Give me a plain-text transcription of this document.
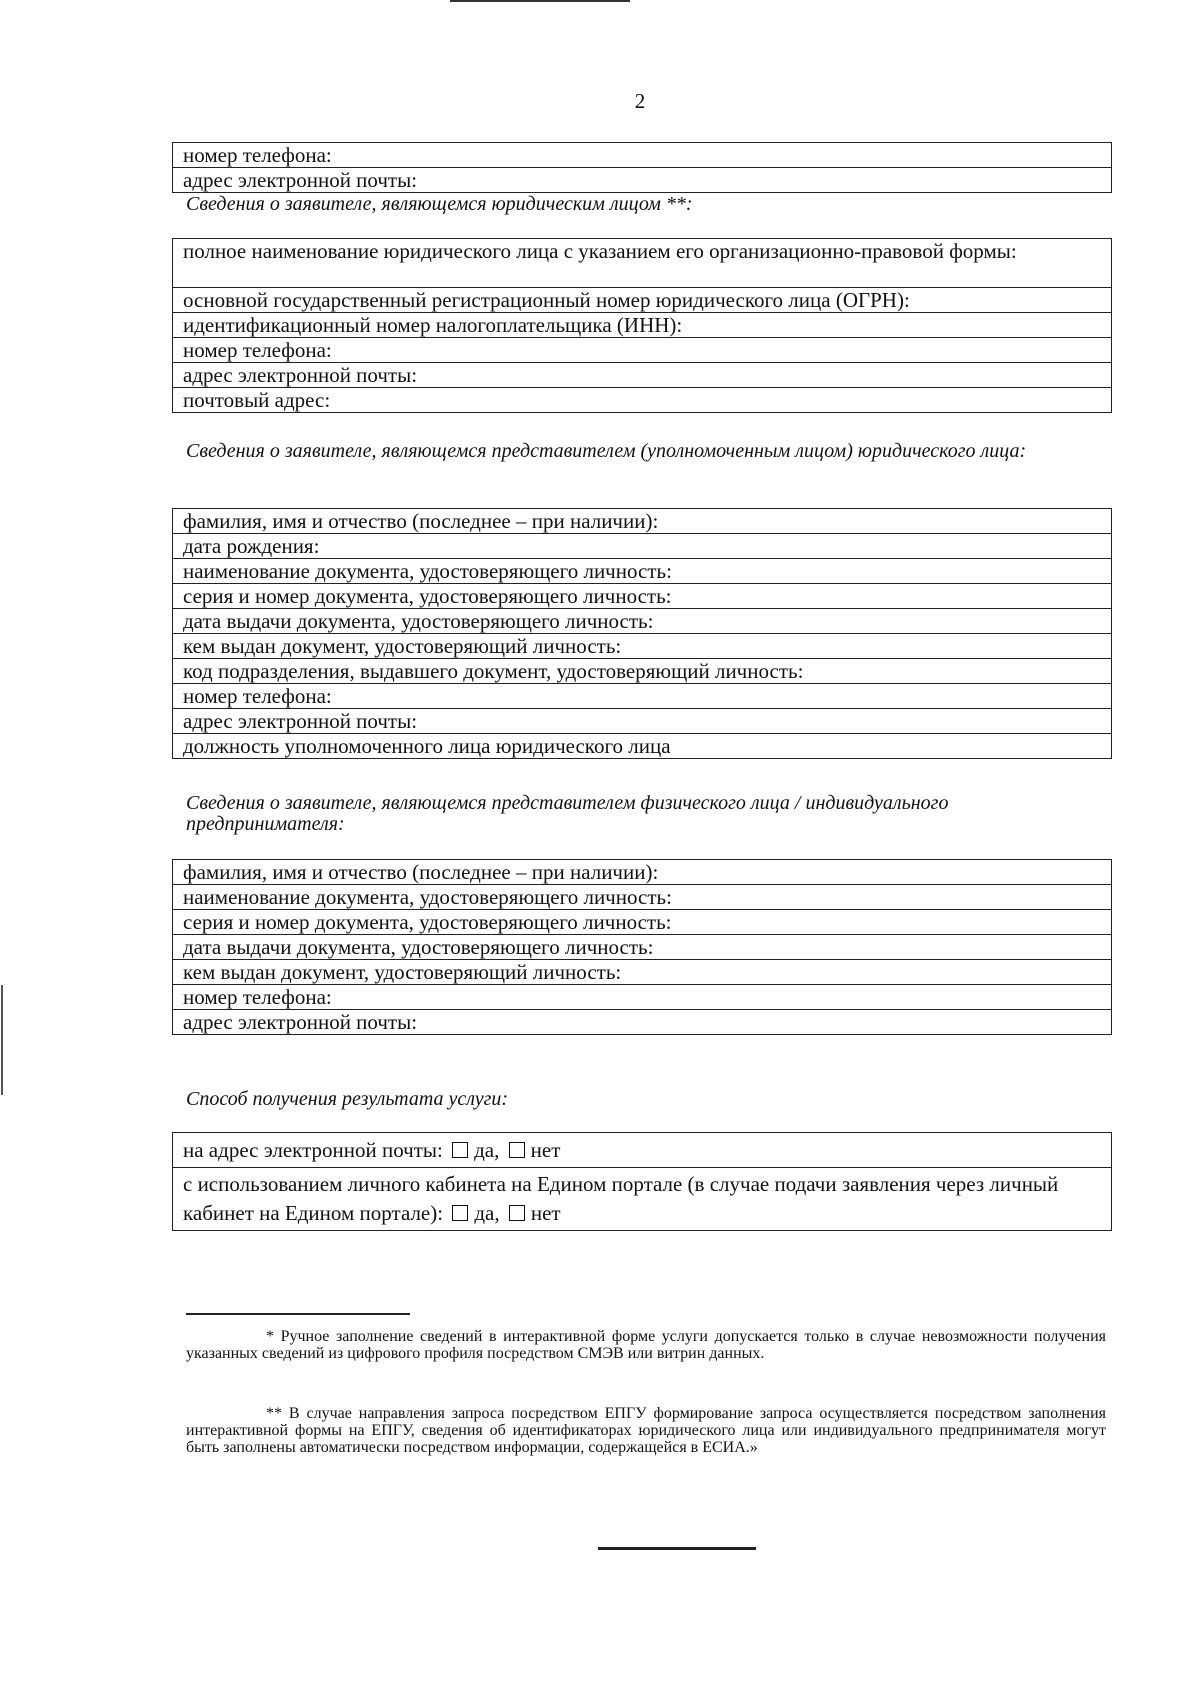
2
номер телефона:
адрес электронной почты:
Сведения о заявителе, являющемся юридическим лицом **:
полное наименование юридического лица с указанием его организационно-правовой формы:
основной государственный регистрационный номер юридического лица (ОГРН):
идентификационный номер налогоплательщика (ИНН):
номер телефона:
адрес электронной почты:
почтовый адрес:
Сведения о заявителе, являющемся представителем (уполномоченным лицом) юридического лица:
фамилия, имя и отчество (последнее – при наличии):
дата рождения:
наименование документа, удостоверяющего личность:
серия и номер документа, удостоверяющего личность:
дата выдачи документа, удостоверяющего личность:
кем выдан документ, удостоверяющий личность:
код подразделения, выдавшего документ, удостоверяющий личность:
номер телефона:
адрес электронной почты:
должность уполномоченного лица юридического лица
Сведения о заявителе, являющемся представителем физического лица / индивидуального предпринимателя:
фамилия, имя и отчество (последнее – при наличии):
наименование документа, удостоверяющего личность:
серия и номер документа, удостоверяющего личность:
дата выдачи документа, удостоверяющего личность:
кем выдан документ, удостоверяющий личность:
номер телефона:
адрес электронной почты:
Способ получения результата услуги:
на адрес электронной почты: да, нет
с использованием личного кабинета на Едином портале (в случае подачи заявления через личный кабинет на Едином портале): да, нет
* Ручное заполнение сведений в интерактивной форме услуги допускается только в случае невозможности получения указанных сведений из цифрового профиля посредством СМЭВ или витрин данных.
** В случае направления запроса посредством ЕПГУ формирование запроса осуществляется посредством заполнения интерактивной формы на ЕПГУ, сведения об идентификаторах юридического лица или индивидуального предпринимателя могут быть заполнены автоматически посредством информации, содержащейся в ЕСИА.»
